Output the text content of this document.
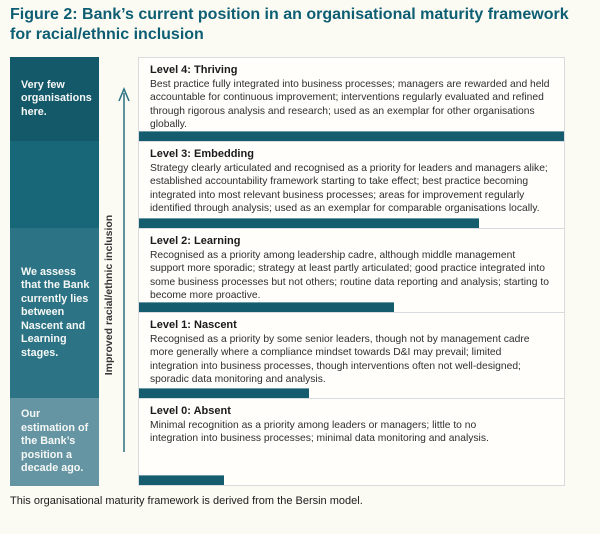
Figure 2: Bank’s current position in an organisational maturity framework for racial/ethnic inclusion
Very few organisations here.
We assess that the Bank currently lies between Nascent and Learning stages.
Our estimation of the Bank’s position a decade ago.
Improved racial/ethnic inclusion
Level 4: Thriving
Best practice fully integrated into business processes; managers are rewarded and held accountable for continuous improvement; interventions regularly evaluated and refined through rigorous analysis and research; used as an exemplar for other organisations globally.
Level 3: Embedding
Strategy clearly articulated and recognised as a priority for leaders and managers alike; established accountability framework starting to take effect; best practice becoming integrated into most relevant business processes; areas for improvement regularly identified through analysis; used as an exemplar for comparable organisations locally.
Level 2: Learning
Recognised as a priority among leadership cadre, although middle management support more sporadic; strategy at least partly articulated; good practice integrated into some business processes but not others; routine data reporting and analysis; starting to become more proactive.
Level 1: Nascent
Recognised as a priority by some senior leaders, though not by management cadre more generally where a compliance mindset towards D&I may prevail; limited integration into business processes, though interventions often not well-designed; sporadic data monitoring and analysis.
Level 0: Absent
Minimal recognition as a priority among leaders or managers; little to no integration into business processes; minimal data monitoring and analysis.
This organisational maturity framework is derived from the Bersin model.
